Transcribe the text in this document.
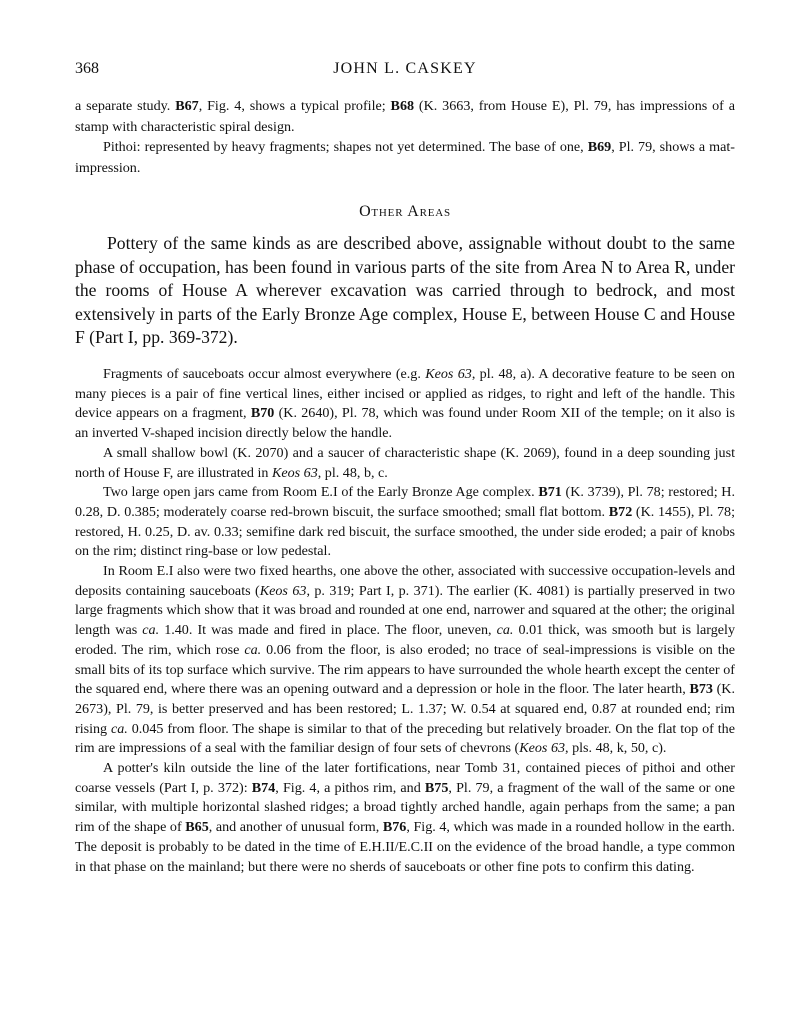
368	JOHN L. CASKEY

a separate study. B67, Fig. 4, shows a typical profile; B68 (K. 3663, from House E), Pl. 79, has impressions of a stamp with characteristic spiral design.

Pithoi: represented by heavy fragments; shapes not yet determined. The base of one, B69, Pl. 79, shows a mat-impression.

Other Areas

Pottery of the same kinds as are described above, assignable without doubt to the same phase of occupation, has been found in various parts of the site from Area N to Area R, under the rooms of House A wherever excavation was carried through to bedrock, and most extensively in parts of the Early Bronze Age complex, House E, between House C and House F (Part I, pp. 369-372).

Fragments of sauceboats occur almost everywhere (e.g. Keos 63, pl. 48, a). A decorative feature to be seen on many pieces is a pair of fine vertical lines, either incised or applied as ridges, to right and left of the handle. This device appears on a fragment, B70 (K. 2640), Pl. 78, which was found under Room XII of the temple; on it also is an inverted V-shaped incision directly below the handle.

A small shallow bowl (K. 2070) and a saucer of characteristic shape (K. 2069), found in a deep sounding just north of House F, are illustrated in Keos 63, pl. 48, b, c.

Two large open jars came from Room E.I of the Early Bronze Age complex. B71 (K. 3739), Pl. 78; restored; H. 0.28, D. 0.385; moderately coarse red-brown biscuit, the surface smoothed; small flat bottom. B72 (K. 1455), Pl. 78; restored, H. 0.25, D. av. 0.33; semifine dark red biscuit, the surface smoothed, the under side eroded; a pair of knobs on the rim; distinct ring-base or low pedestal.

In Room E.I also were two fixed hearths, one above the other, associated with successive occupation-levels and deposits containing sauceboats (Keos 63, p. 319; Part I, p. 371). The earlier (K. 4081) is partially preserved in two large fragments which show that it was broad and rounded at one end, narrower and squared at the other; the original length was ca. 1.40. It was made and fired in place. The floor, uneven, ca. 0.01 thick, was smooth but is largely eroded. The rim, which rose ca. 0.06 from the floor, is also eroded; no trace of seal-impressions is visible on the small bits of its top surface which survive. The rim appears to have surrounded the whole hearth except the center of the squared end, where there was an opening outward and a depression or hole in the floor. The later hearth, B73 (K. 2673), Pl. 79, is better preserved and has been restored; L. 1.37; W. 0.54 at squared end, 0.87 at rounded end; rim rising ca. 0.045 from floor. The shape is similar to that of the preceding but relatively broader. On the flat top of the rim are impressions of a seal with the familiar design of four sets of chevrons (Keos 63, pls. 48, k, 50, c).

A potter's kiln outside the line of the later fortifications, near Tomb 31, contained pieces of pithoi and other coarse vessels (Part I, p. 372): B74, Fig. 4, a pithos rim, and B75, Pl. 79, a fragment of the wall of the same or one similar, with multiple horizontal slashed ridges; a broad tightly arched handle, again perhaps from the same; a pan rim of the shape of B65, and another of unusual form, B76, Fig. 4, which was made in a rounded hollow in the earth. The deposit is probably to be dated in the time of E.H.II/E.C.II on the evidence of the broad handle, a type common in that phase on the mainland; but there were no sherds of sauceboats or other fine pots to confirm this dating.
